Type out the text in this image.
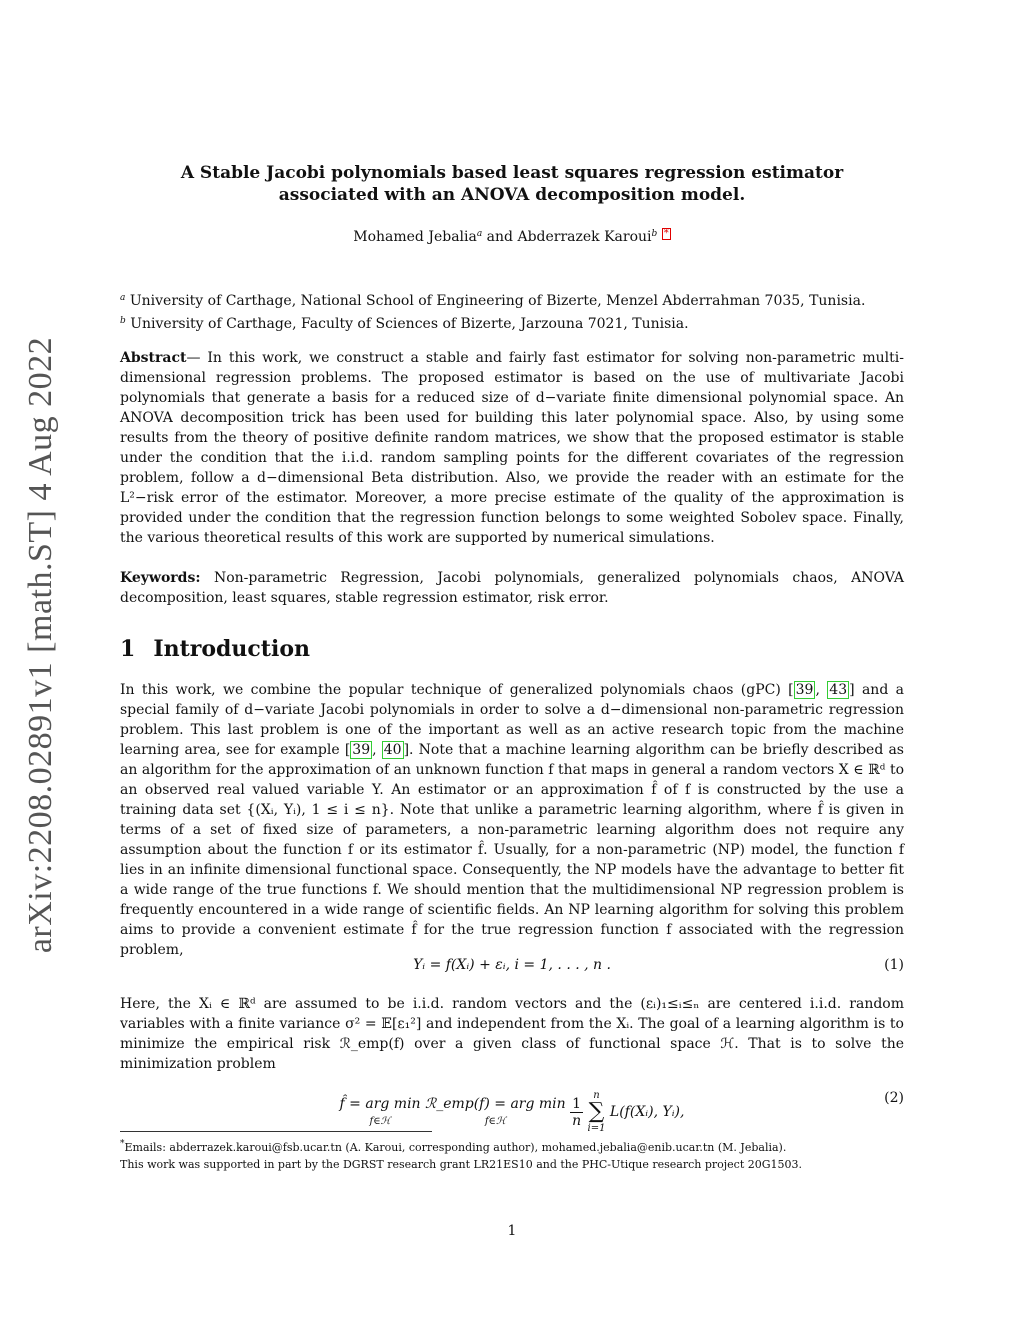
arXiv:2208.02891v1 [math.ST] 4 Aug 2022
A Stable Jacobi polynomials based least squares regression estimator
associated with an ANOVA decomposition model.
Mohamed Jebalia$^a$ and Abderrazek Karoui$^b$ *
$^a$ University of Carthage, National School of Engineering of Bizerte, Menzel Abderrahman 7035, Tunisia.
$^b$ University of Carthage, Faculty of Sciences of Bizerte, Jarzouna 7021, Tunisia.
Abstract— In this work, we construct a stable and fairly fast estimator for solving non-parametric multi-dimensional regression problems. The proposed estimator is based on the use of multivariate Jacobi polynomials that generate a basis for a reduced size of d−variate finite dimensional polynomial space. An ANOVA decomposition trick has been used for building this later polynomial space. Also, by using some results from the theory of positive definite random matrices, we show that the proposed estimator is stable under the condition that the i.i.d. random sampling points for the different covariates of the regression problem, follow a d−dimensional Beta distribution. Also, we provide the reader with an estimate for the L²−risk error of the estimator. Moreover, a more precise estimate of the quality of the approximation is provided under the condition that the regression function belongs to some weighted Sobolev space. Finally, the various theoretical results of this work are supported by numerical simulations.
Keywords: Non-parametric Regression, Jacobi polynomials, generalized polynomials chaos, ANOVA decomposition, least squares, stable regression estimator, risk error.
1 Introduction
In this work, we combine the popular technique of generalized polynomials chaos (gPC) [ 39 , 43 ] and a special family of d−variate Jacobi polynomials in order to solve a d−dimensional non-parametric regression problem. This last problem is one of the important as well as an active research topic from the machine learning area, see for example [ 39 , 40 ]. Note that a machine learning algorithm can be briefly described as an algorithm for the approximation of an unknown function f that maps in general a random vectors X ∈ ℝᵈ to an observed real valued variable Y. An estimator or an approximation f̂ of f is constructed by the use a training data set {(Xᵢ, Yᵢ), 1 ≤ i ≤ n}. Note that unlike a parametric learning algorithm, where f̂ is given in terms of a set of fixed size of parameters, a non-parametric learning algorithm does not require any assumption about the function f or its estimator f̂. Usually, for a non-parametric (NP) model, the function f lies in an infinite dimensional functional space. Consequently, the NP models have the advantage to better fit a wide range of the true functions f. We should mention that the multidimensional NP regression problem is frequently encountered in a wide range of scientific fields. An NP learning algorithm for solving this problem aims to provide a convenient estimate f̂ for the true regression function f associated with the regression problem,
Yᵢ = f(Xᵢ) + εᵢ, i = 1, . . . , n .	(1)
Here, the Xᵢ ∈ ℝᵈ are assumed to be i.i.d. random vectors and the (εᵢ)₁≤ᵢ≤ₙ are centered i.i.d. random variables with a finite variance σ² = 𝔼[ε₁²] and independent from the Xᵢ. The goal of a learning algorithm is to minimize the empirical risk ℛ_emp(f) over a given class of functional space ℋ. That is to solve the minimization problem
f̂ = arg min
f∈ℋ ℛ_emp(f) = arg min
f∈ℋ	$\frac{1}{n}$
	n
∑
i=1
L(f(Xᵢ), Yᵢ),
(2)
*Emails: abderrazek.karoui@fsb.ucar.tn (A. Karoui, corresponding author), mohamed.jebalia@enib.ucar.tn (M. Jebalia).
This work was supported in part by the DGRST research grant LR21ES10 and the PHC-Utique research project 20G1503.
1
